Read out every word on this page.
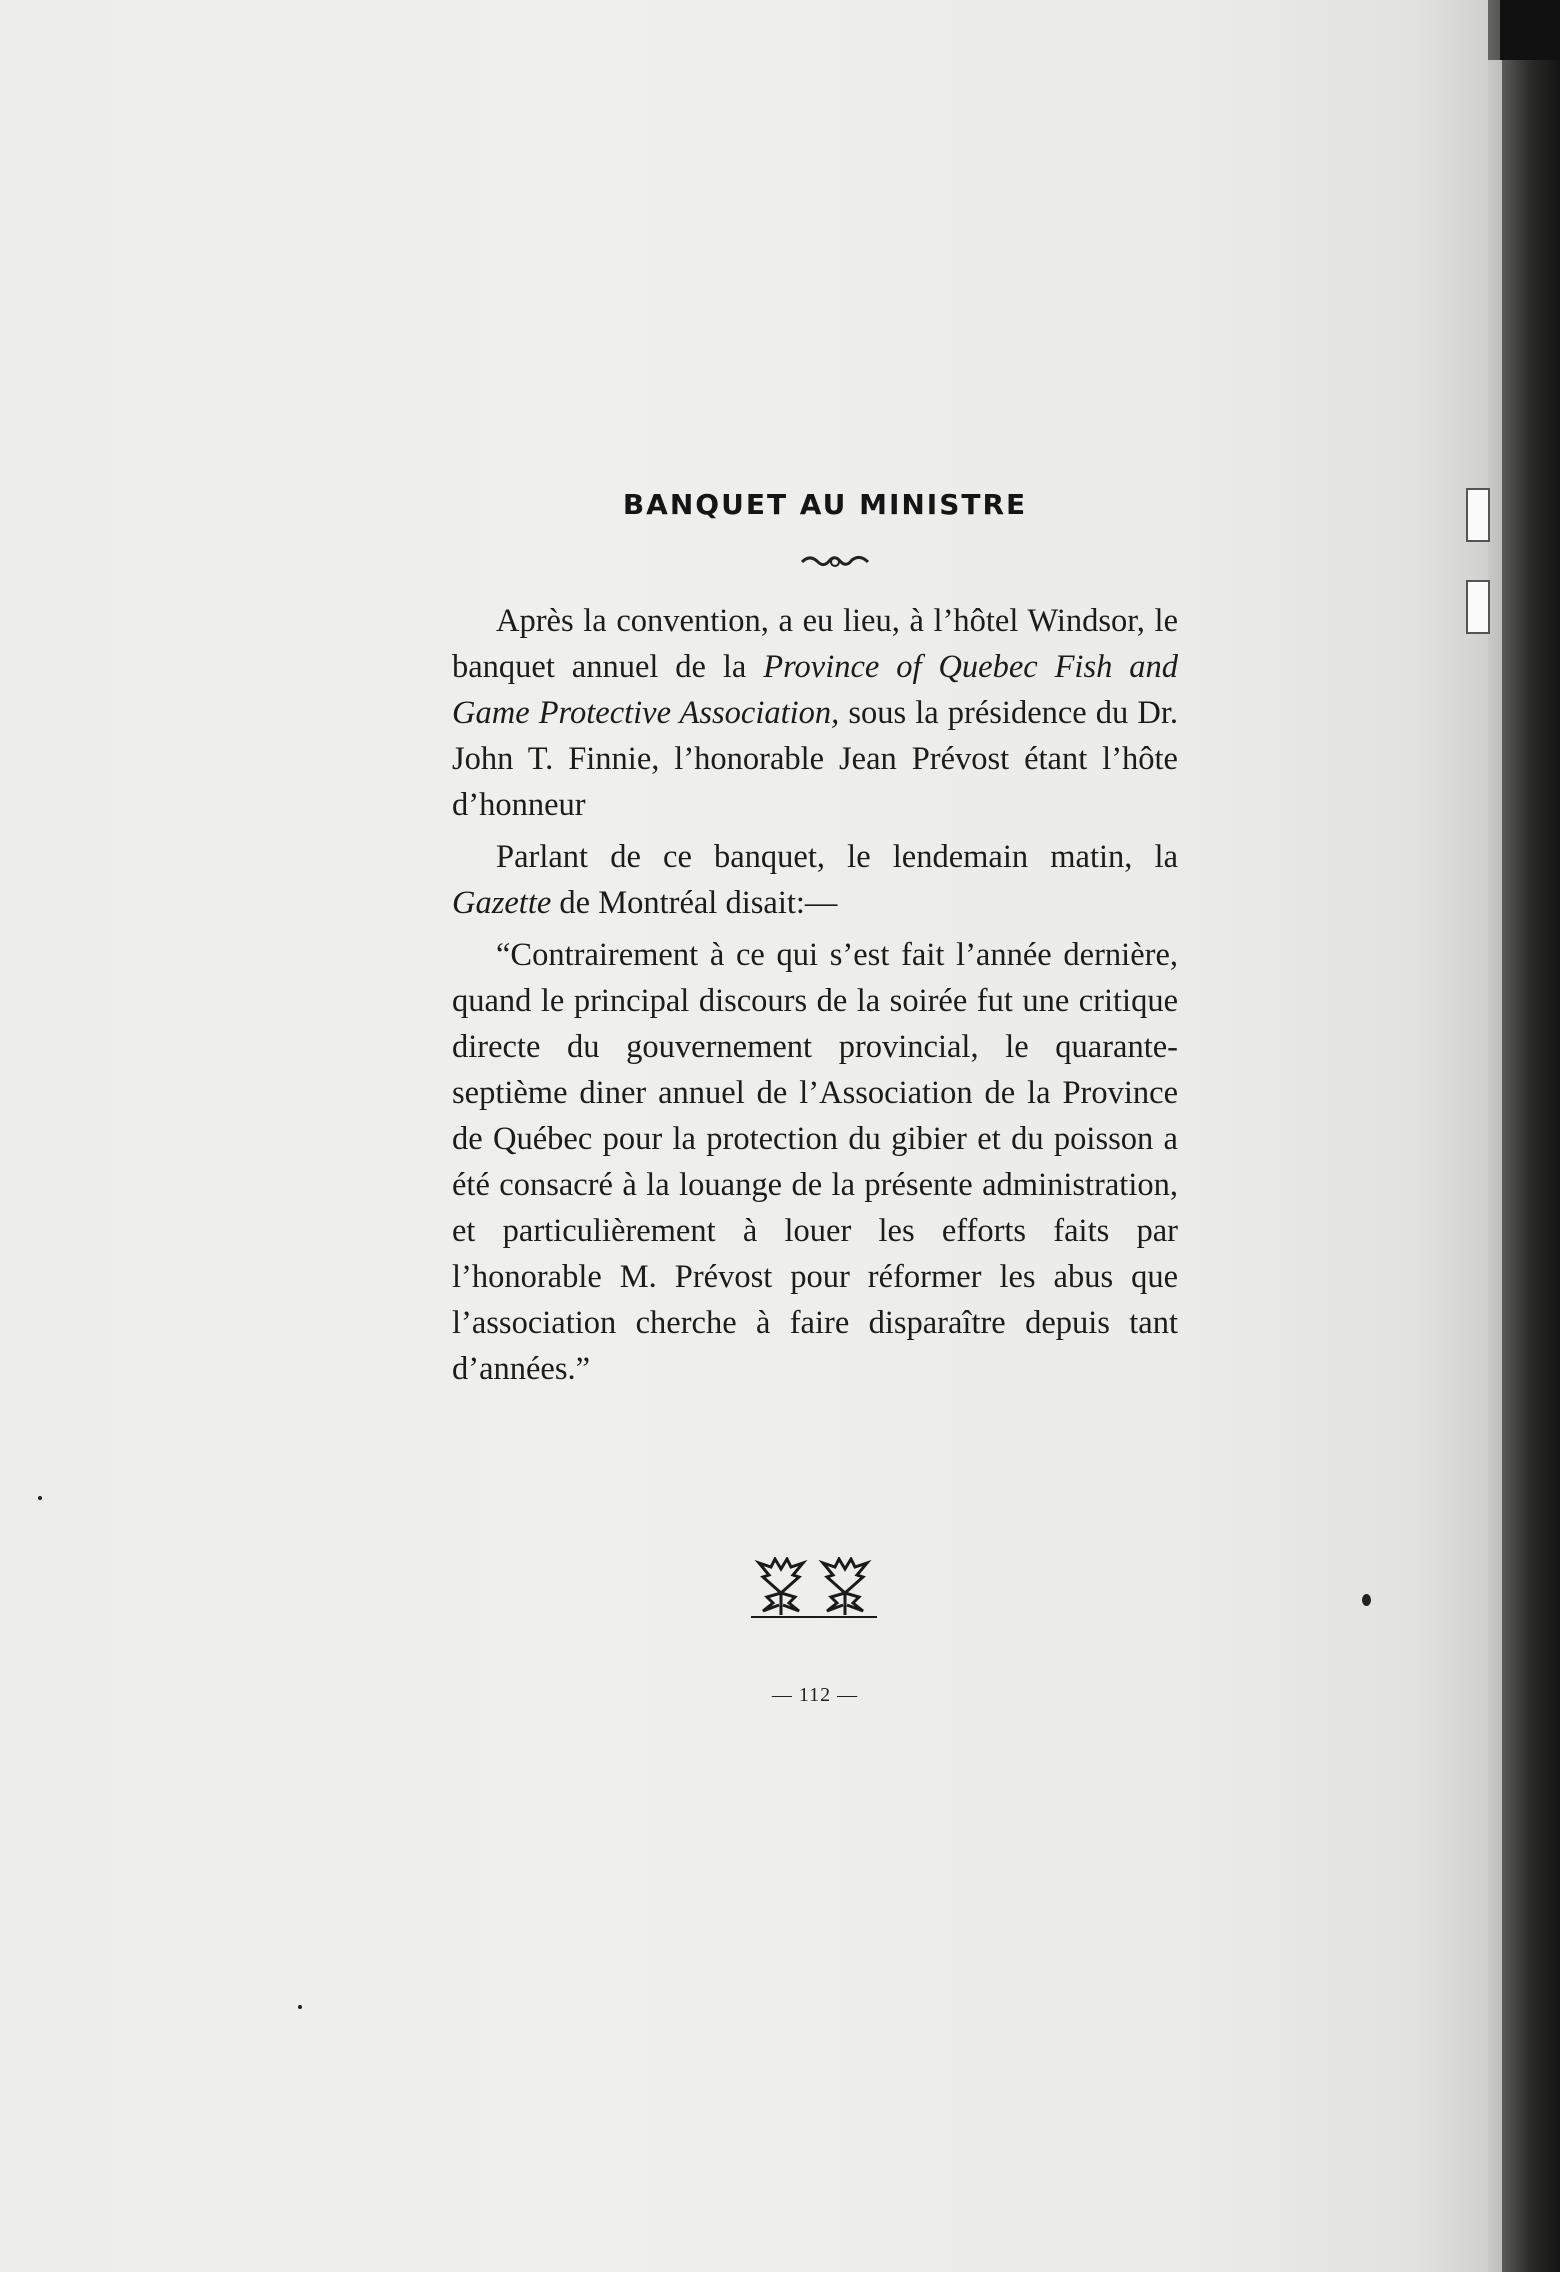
BANQUET AU MINISTRE

Après la convention, a eu lieu, à l’hôtel Windsor, le banquet annuel de la Province of Quebec Fish and Game Protective Association, sous la présidence du Dr. John T. Finnie, l’honorable Jean Prévost étant l’hôte d’honneur

Parlant de ce banquet, le lendemain matin, la Gazette de Montréal disait:—

“Contrairement à ce qui s’est fait l’année dernière, quand le principal discours de la soirée fut une critique directe du gouvernement provincial, le quarante-septième diner annuel de l’Association de la Province de Québec pour la protection du gibier et du poisson a été consacré à la louange de la présente administration, et particulièrement à louer les efforts faits par l’honorable M. Prévost pour réformer les abus que l’association cherche à faire disparaître depuis tant d’années.”

— 112 —
